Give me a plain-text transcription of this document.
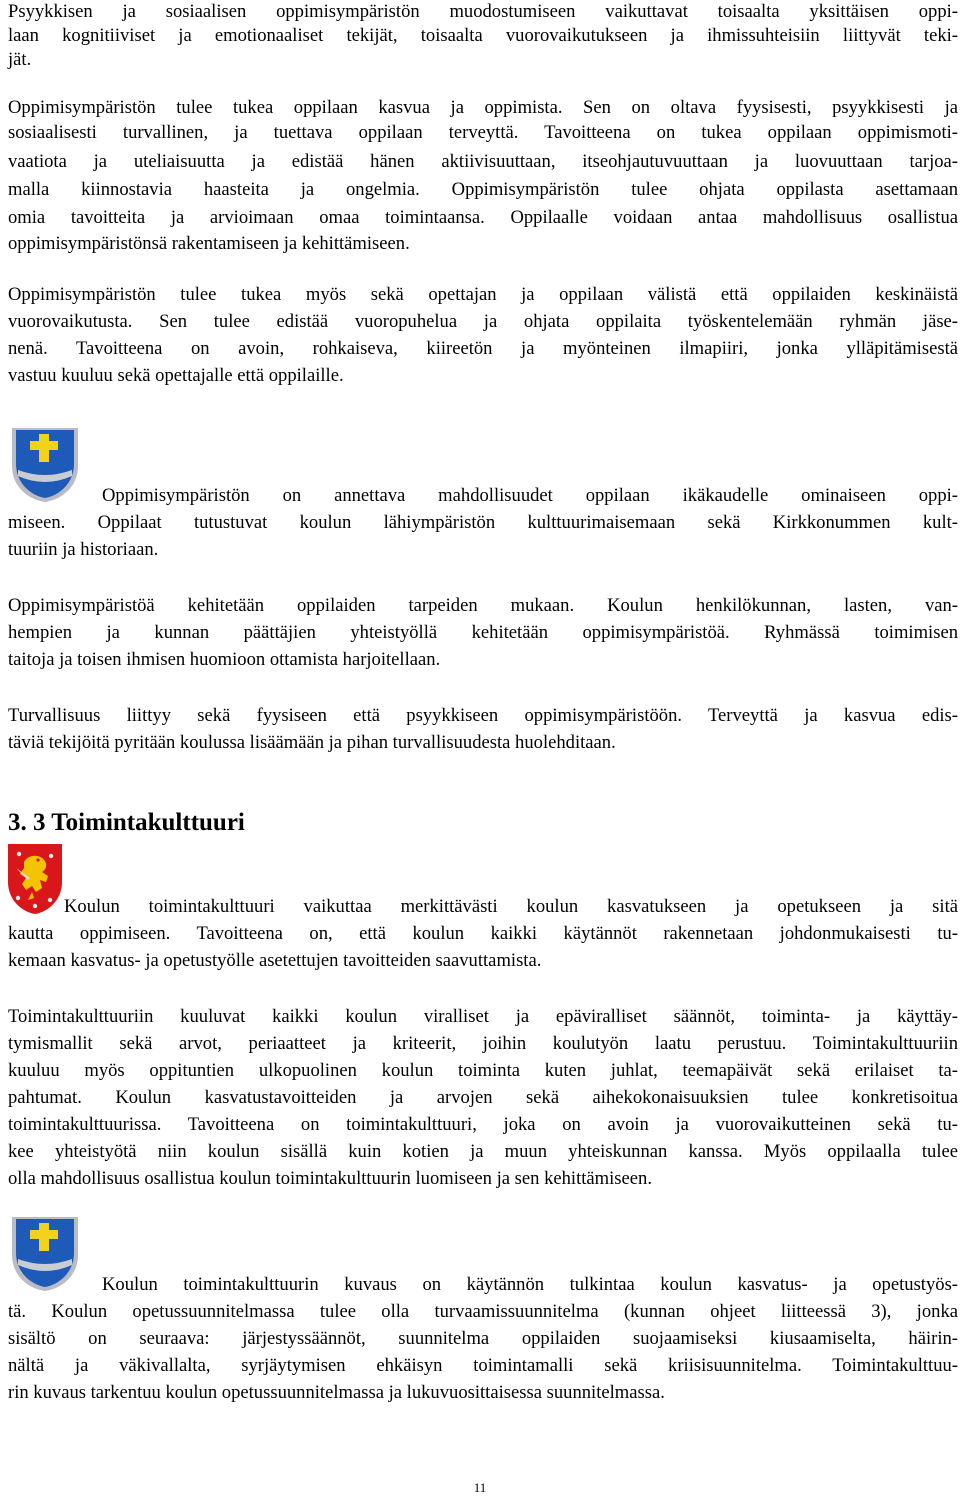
Psyykkisen ja sosiaalisen oppimisympäristön muodostumiseen vaikuttavat toisaalta yksittäisen oppi-
laan kognitiiviset ja emotionaaliset tekijät, toisaalta vuorovaikutukseen ja ihmissuhteisiin liittyvät teki-
jät.
Oppimisympäristön tulee tukea oppilaan kasvua ja oppimista. Sen on oltava fyysisesti, psyykkisesti ja
sosiaalisesti turvallinen, ja tuettava oppilaan terveyttä. Tavoitteena on tukea oppilaan oppimismoti-
vaatiota ja uteliaisuutta ja edistää hänen aktiivisuuttaan, itseohjautuvuuttaan ja luovuuttaan tarjoa-
malla kiinnostavia haasteita ja ongelmia. Oppimisympäristön tulee ohjata oppilasta asettamaan
omia tavoitteita ja arvioimaan omaa toimintaansa. Oppilaalle voidaan antaa mahdollisuus osallistua
oppimisympäristönsä rakentamiseen ja kehittämiseen.
Oppimisympäristön tulee tukea myös sekä opettajan ja oppilaan välistä että oppilaiden keskinäistä
vuorovaikutusta. Sen tulee edistää vuoropuhelua ja ohjata oppilaita työskentelemään ryhmän jäse-
nenä. Tavoitteena on avoin, rohkaiseva, kiireetön ja myönteinen ilmapiiri, jonka ylläpitämisestä
vastuu kuuluu sekä opettajalle että oppilaille.
Oppimisympäristön on annettava mahdollisuudet oppilaan ikäkaudelle ominaiseen oppi-
miseen. Oppilaat tutustuvat koulun lähiympäristön kulttuurimaisemaan sekä Kirkkonummen kult-
tuuriin ja historiaan.
Oppimisympäristöä kehitetään oppilaiden tarpeiden mukaan. Koulun henkilökunnan, lasten, van-
hempien ja kunnan päättäjien yhteistyöllä kehitetään oppimisympäristöä. Ryhmässä toimimisen
taitoja ja toisen ihmisen huomioon ottamista harjoitellaan.
Turvallisuus liittyy sekä fyysiseen että psyykkiseen oppimisympäristöön. Terveyttä ja kasvua edis-
täviä tekijöitä pyritään koulussa lisäämään ja pihan turvallisuudesta huolehditaan.
3. 3 Toimintakulttuuri
Koulun toimintakulttuuri vaikuttaa merkittävästi koulun kasvatukseen ja opetukseen ja sitä
kautta oppimiseen. Tavoitteena on, että koulun kaikki käytännöt rakennetaan johdonmukaisesti tu-
kemaan kasvatus- ja opetustyölle asetettujen tavoitteiden saavuttamista.
Toimintakulttuuriin kuuluvat kaikki koulun viralliset ja epäviralliset säännöt, toiminta- ja käyttäy-
tymismallit sekä arvot, periaatteet ja kriteerit, joihin koulutyön laatu perustuu. Toimintakulttuuriin
kuuluu myös oppituntien ulkopuolinen koulun toiminta kuten juhlat, teemapäivät sekä erilaiset ta-
pahtumat. Koulun kasvatustavoitteiden ja arvojen sekä aihekokonaisuuksien tulee konkretisoitua
toimintakulttuurissa. Tavoitteena on toimintakulttuuri, joka on avoin ja vuorovaikutteinen sekä tu-
kee yhteistyötä niin koulun sisällä kuin kotien ja muun yhteiskunnan kanssa. Myös oppilaalla tulee
olla mahdollisuus osallistua koulun toimintakulttuurin luomiseen ja sen kehittämiseen.
Koulun toimintakulttuurin kuvaus on käytännön tulkintaa koulun kasvatus- ja opetustyös-
tä. Koulun opetussuunnitelmassa tulee olla turvaamissuunnitelma (kunnan ohjeet liitteessä 3), jonka
sisältö on seuraava: järjestyssäännöt, suunnitelma oppilaiden suojaamiseksi kiusaamiselta, häirin-
nältä ja väkivallalta, syrjäytymisen ehkäisyn toimintamalli sekä kriisisuunnitelma. Toimintakulttuu-
rin kuvaus tarkentuu koulun opetussuunnitelmassa ja lukuvuosittaisessa suunnitelmassa.
11
